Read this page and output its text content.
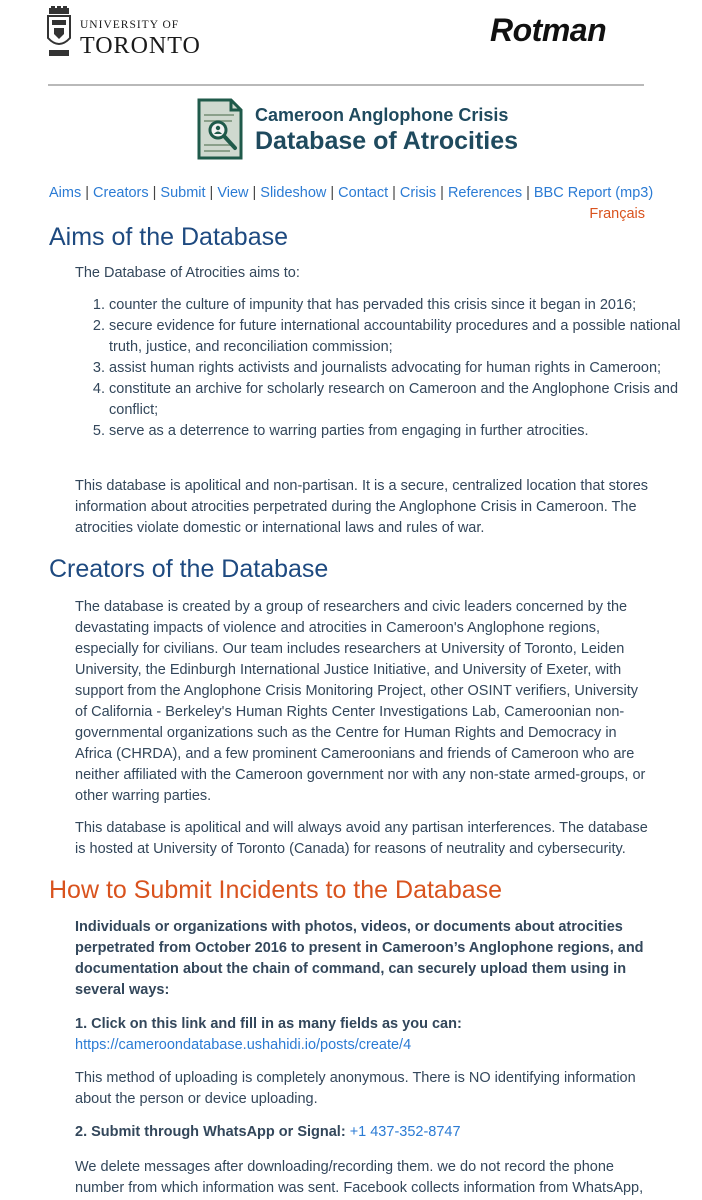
UNIVERSITY OF
TORONTO	Rotman
Cameroon Anglophone Crisis
Database of Atrocities
Aims | Creators | Submit | View | Slideshow | Contact | Crisis | References | BBC Report (mp3)
Français
Aims of the Database

The Database of Atrocities aims to:

1. counter the culture of impunity that has pervaded this crisis since it began in 2016;
2. secure evidence for future international accountability procedures and a possible national truth, justice, and reconciliation commission;
3. assist human rights activists and journalists advocating for human rights in Cameroon;
4. constitute an archive for scholarly research on Cameroon and the Anglophone Crisis and conflict;
5. serve as a deterrence to warring parties from engaging in further atrocities.

This database is apolitical and non-partisan. It is a secure, centralized location that stores information about atrocities perpetrated during the Anglophone Crisis in Cameroon. The atrocities violate domestic or international laws and rules of war.

Creators of the Database

The database is created by a group of researchers and civic leaders concerned by the devastating impacts of violence and atrocities in Cameroon's Anglophone regions, especially for civilians. Our team includes researchers at University of Toronto, Leiden University, the Edinburgh International Justice Initiative, and University of Exeter, with support from the Anglophone Crisis Monitoring Project, other OSINT verifiers, University of California - Berkeley's Human Rights Center Investigations Lab, Cameroonian non-governmental organizations such as the Centre for Human Rights and Democracy in Africa (CHRDA), and a few prominent Cameroonians and friends of Cameroon who are neither affiliated with the Cameroon government nor with any non-state armed-groups, or other warring parties.

This database is apolitical and will always avoid any partisan interferences. The database is hosted at University of Toronto (Canada) for reasons of neutrality and cybersecurity.

How to Submit Incidents to the Database

Individuals or organizations with photos, videos, or documents about atrocities perpetrated from October 2016 to present in Cameroon’s Anglophone regions, and documentation about the chain of command, can securely upload them using in several ways:

1. Click on this link and fill in as many fields as you can:

https://cameroondatabase.ushahidi.io/posts/create/4

This method of uploading is completely anonymous. There is NO identifying information about the person or device uploading.

2. Submit through WhatsApp or Signal: +1 437-352-8747

We delete messages after downloading/recording them. we do not record the phone number from which information was sent. Facebook collects information from WhatsApp,
